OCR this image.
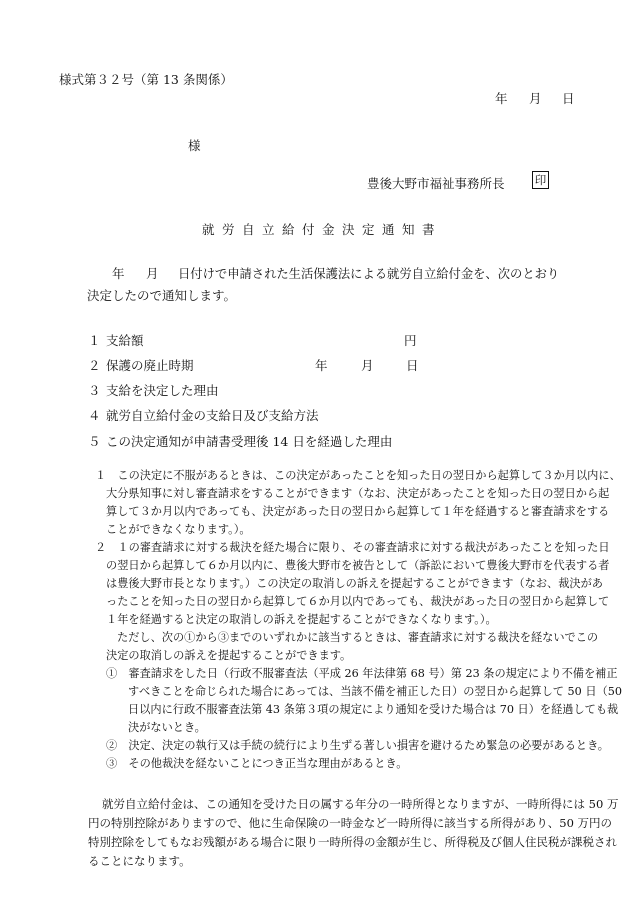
様式第３２号（第 13 条関係）
年 月 日
様
豊後大野市福祉事務所長	印
就労自立給付金決定通知書
年 月 日付けで申請された生活保護法による就労自立給付金を、次のとおり
決定したので通知します。
１ 支給額	円
２ 保護の廃止時期	年	月	日
３ 支給を決定した理由
４ 就労自立給付金の支給日及び支給方法
５ この決定通知が申請書受理後 14 日を経過した理由
１　この決定に不服があるときは、この決定があったことを知った日の翌日から起算して３か月以内に、
大分県知事に対し審査請求をすることができます（なお、決定があったことを知った日の翌日から起
算して３か月以内であっても、決定があった日の翌日から起算して１年を経過すると審査請求をする
ことができなくなります。）。
２　１の審査請求に対する裁決を経た場合に限り、その審査請求に対する裁決があったことを知った日
の翌日から起算して６か月以内に、豊後大野市を被告として（訴訟において豊後大野市を代表する者
は豊後大野市長となります。）この決定の取消しの訴えを提起することができます（なお、裁決があ
ったことを知った日の翌日から起算して６か月以内であっても、裁決があった日の翌日から起算して
１年を経過すると決定の取消しの訴えを提起することができなくなります。）。
ただし、次の①から③までのいずれかに該当するときは、審査請求に対する裁決を経ないでこの
決定の取消しの訴えを提起することができます。
①　審査請求をした日（行政不服審査法（平成 26 年法律第 68 号）第 23 条の規定により不備を補正
すべきことを命じられた場合にあっては、当該不備を補正した日）の翌日から起算して 50 日（50
日以内に行政不服審査法第 43 条第３項の規定により通知を受けた場合は 70 日）を経過しても裁
決がないとき。
②　決定、決定の執行又は手続の続行により生ずる著しい損害を避けるため緊急の必要があるとき。
③　その他裁決を経ないことにつき正当な理由があるとき。
就労自立給付金は、この通知を受けた日の属する年分の一時所得となりますが、一時所得には 50 万
円の特別控除がありますので、他に生命保険の一時金など一時所得に該当する所得があり、50 万円の
特別控除をしてもなお残額がある場合に限り一時所得の金額が生じ、所得税及び個人住民税が課税され
ることになります。
